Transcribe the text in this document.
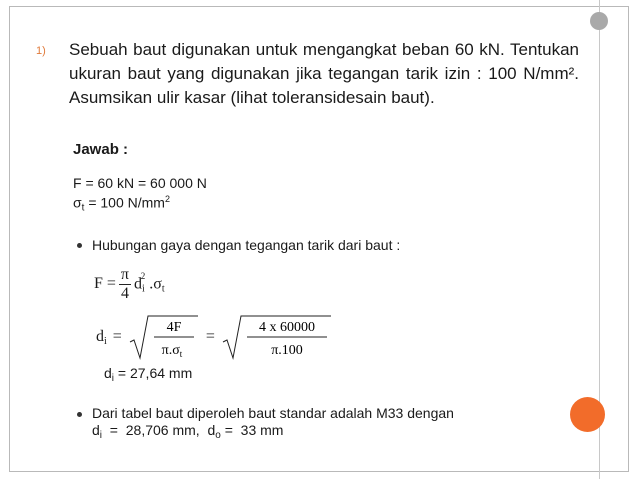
1) Sebuah baut digunakan untuk mengangkat beban 60 kN. Tentukan ukuran baut yang digunakan jika tegangan tarik izin : 100 N/mm². Asumsikan ulir kasar (lihat toleransidesain baut).
Jawab :
F = 60 kN = 60 000 N
$\sigma_t = 100$ $N/mm^2$
Hubungan gaya dengan tegangan tarik dari baut :
$F = \frac{\pi}{4} d_i^2$ $.\sigma_t$
$d_i$ =
4F
$\pi.\sigma_t$
=
4 x 60000
π.100
$d_i = 27,64$ mm
Dari tabel baut diperoleh baut standar adalah M33 dengan
$d_i = 28,706$ mm,  $d_o = 33$ mm
